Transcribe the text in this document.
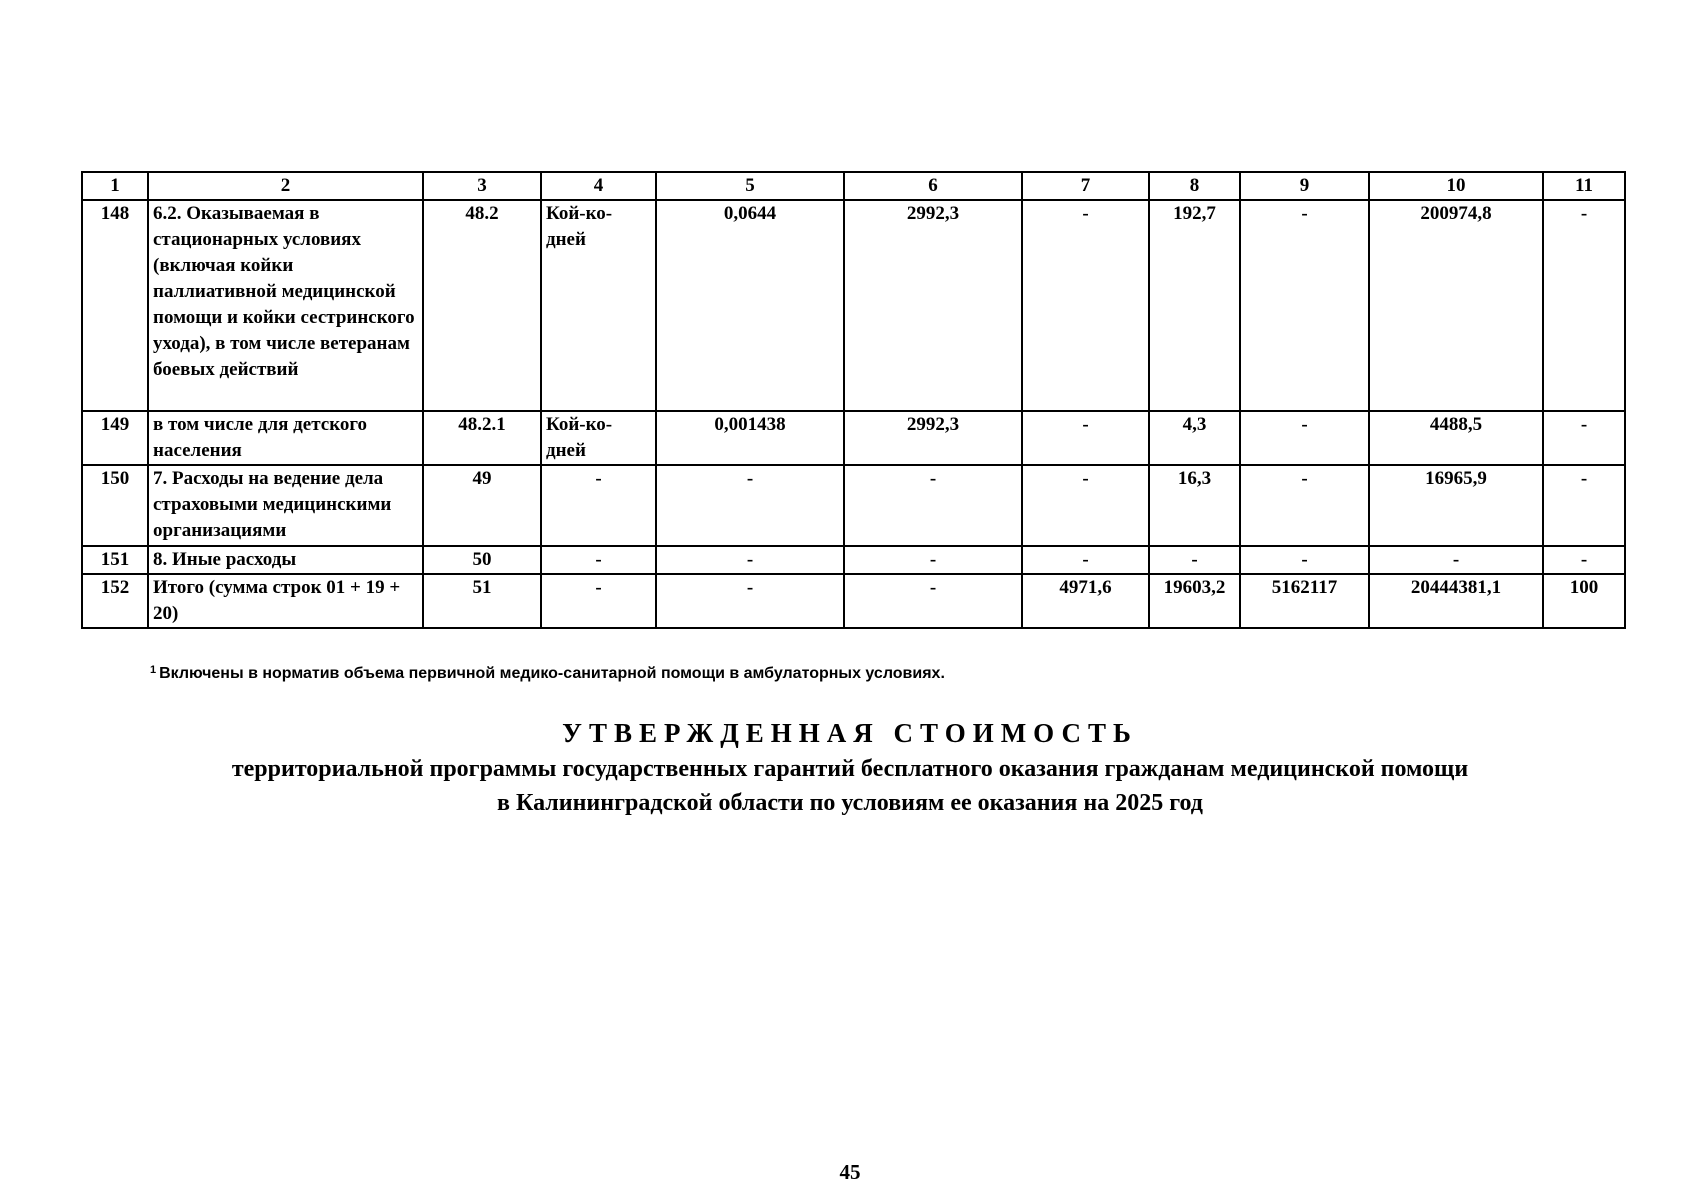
1	2	3	4	5	6	7	8	9	10	11
148	6.2. Оказываемая в стационарных условиях (включая койки паллиативной медицинской помощи и койки сестринского ухода), в том числе ветеранам боевых действий	48.2	Кой-ко-дней	0,0644	2992,3	-	192,7	-	200974,8	-
149	в том числе для детского населения	48.2.1	Кой-ко-дней	0,001438	2992,3	-	4,3	-	4488,5	-
150	7. Расходы на ведение дела страховыми медицинскими организациями	49	-	-	-	-	16,3	-	16965,9	-
151	8. Иные расходы	50	-	-	-	-	-	-	-	-
152	Итого (сумма строк 01 + 19 + 20)	51	-	-	-	4971,6	19603,2	5162117	20444381,1	100
$^1$ Включены в норматив объема первичной медико-санитарной помощи в амбулаторных условиях.
УТВЕРЖДЕННАЯ СТОИМОСТЬ
территориальной программы государственных гарантий бесплатного оказания гражданам медицинской помощи
в Калининградской области по условиям ее оказания на 2025 год
45
